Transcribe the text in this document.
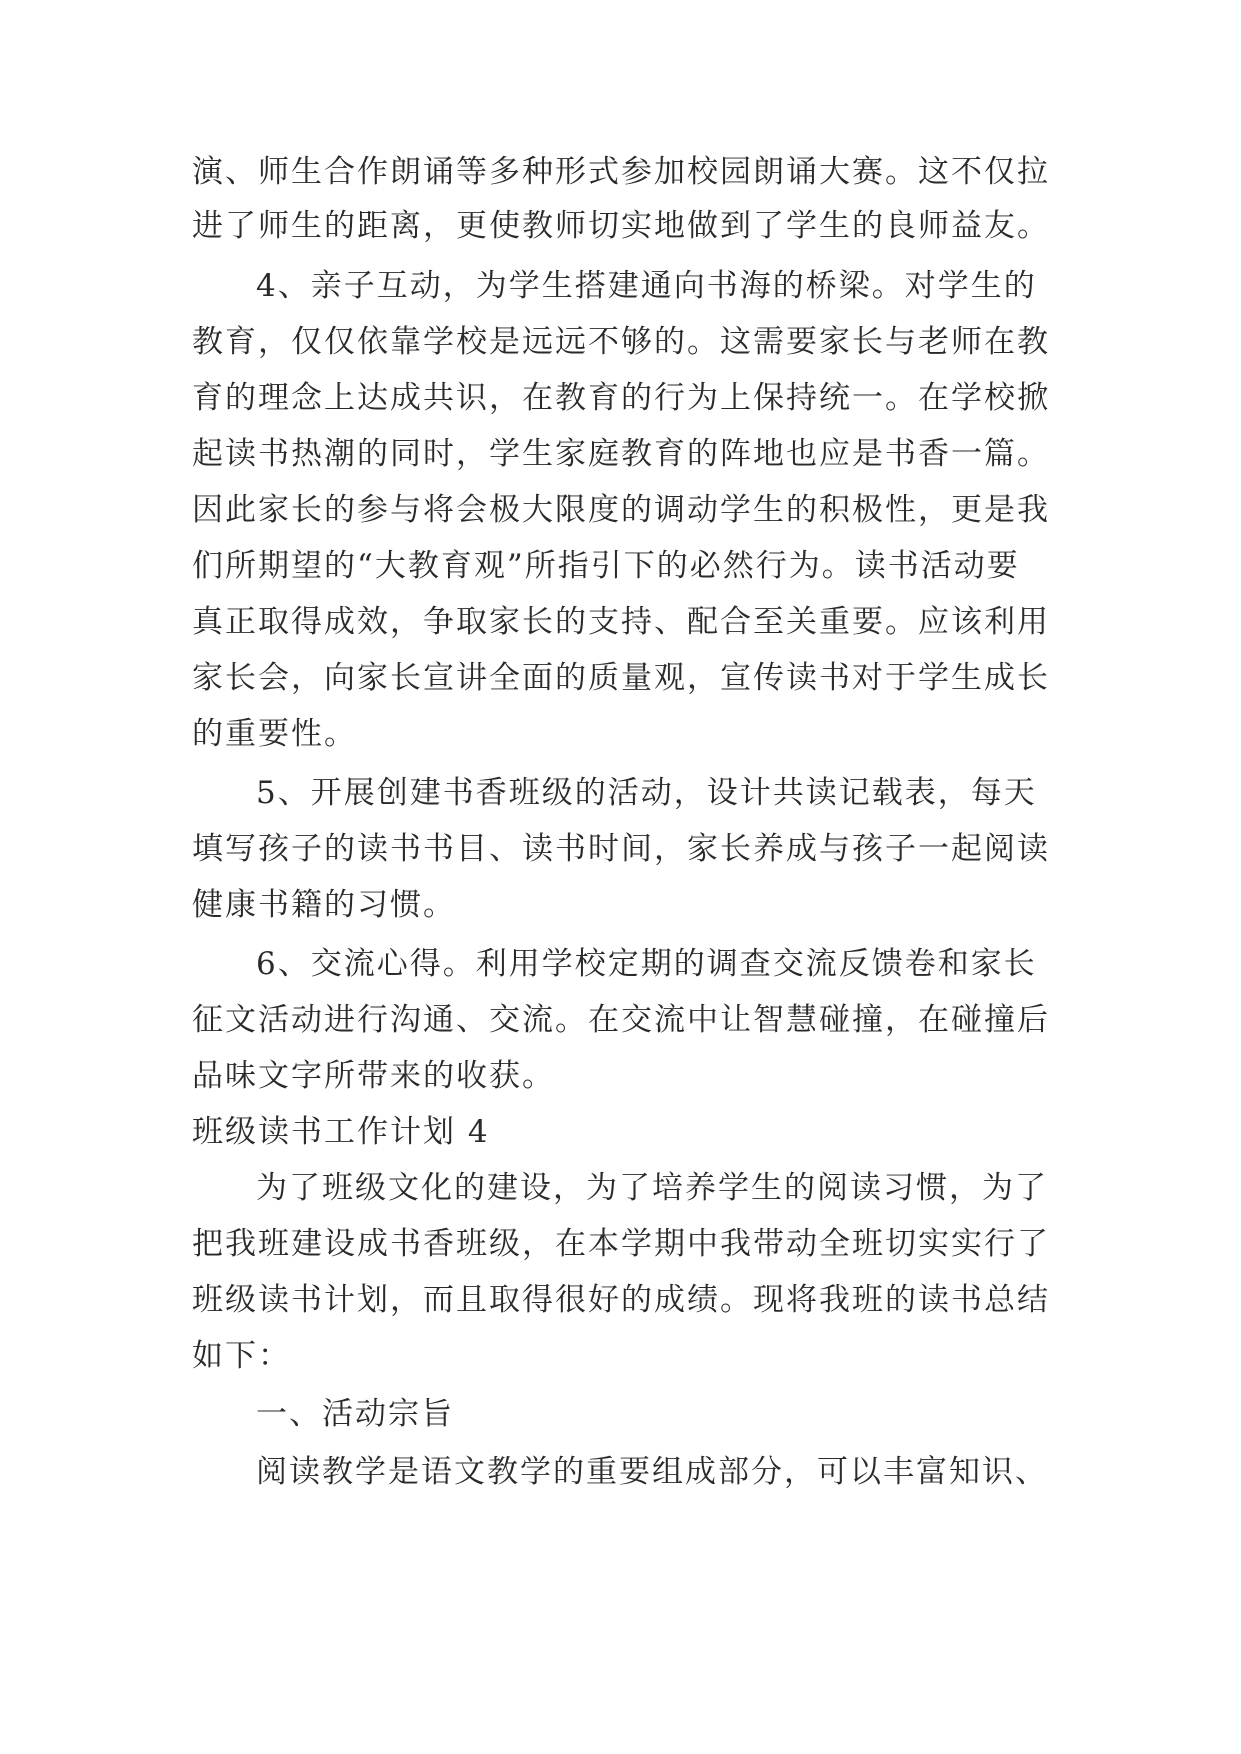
演、师生合作朗诵等多种形式参加校园朗诵大赛。这不仅拉

进了师生的距离，更使教师切实地做到了学生的良师益友。

4、亲子互动，为学生搭建通向书海的桥梁。对学生的

教育，仅仅依靠学校是远远不够的。这需要家长与老师在教

育的理念上达成共识，在教育的行为上保持统一。在学校掀

起读书热潮的同时，学生家庭教育的阵地也应是书香一篇。

因此家长的参与将会极大限度的调动学生的积极性，更是我

们所期望的“大教育观”所指引下的必然行为。读书活动要

真正取得成效，争取家长的支持、配合至关重要。应该利用

家长会，向家长宣讲全面的质量观，宣传读书对于学生成长

的重要性。

5、开展创建书香班级的活动，设计共读记载表，每天

填写孩子的读书书目、读书时间，家长养成与孩子一起阅读

健康书籍的习惯。

6、交流心得。利用学校定期的调查交流反馈卷和家长

征文活动进行沟通、交流。在交流中让智慧碰撞，在碰撞后

品味文字所带来的收获。

班级读书工作计划 4

为了班级文化的建设，为了培养学生的阅读习惯，为了

把我班建设成书香班级，在本学期中我带动全班切实实行了

班级读书计划，而且取得很好的成绩。现将我班的读书总结

如下：

一、活动宗旨

阅读教学是语文教学的重要组成部分，可以丰富知识、
